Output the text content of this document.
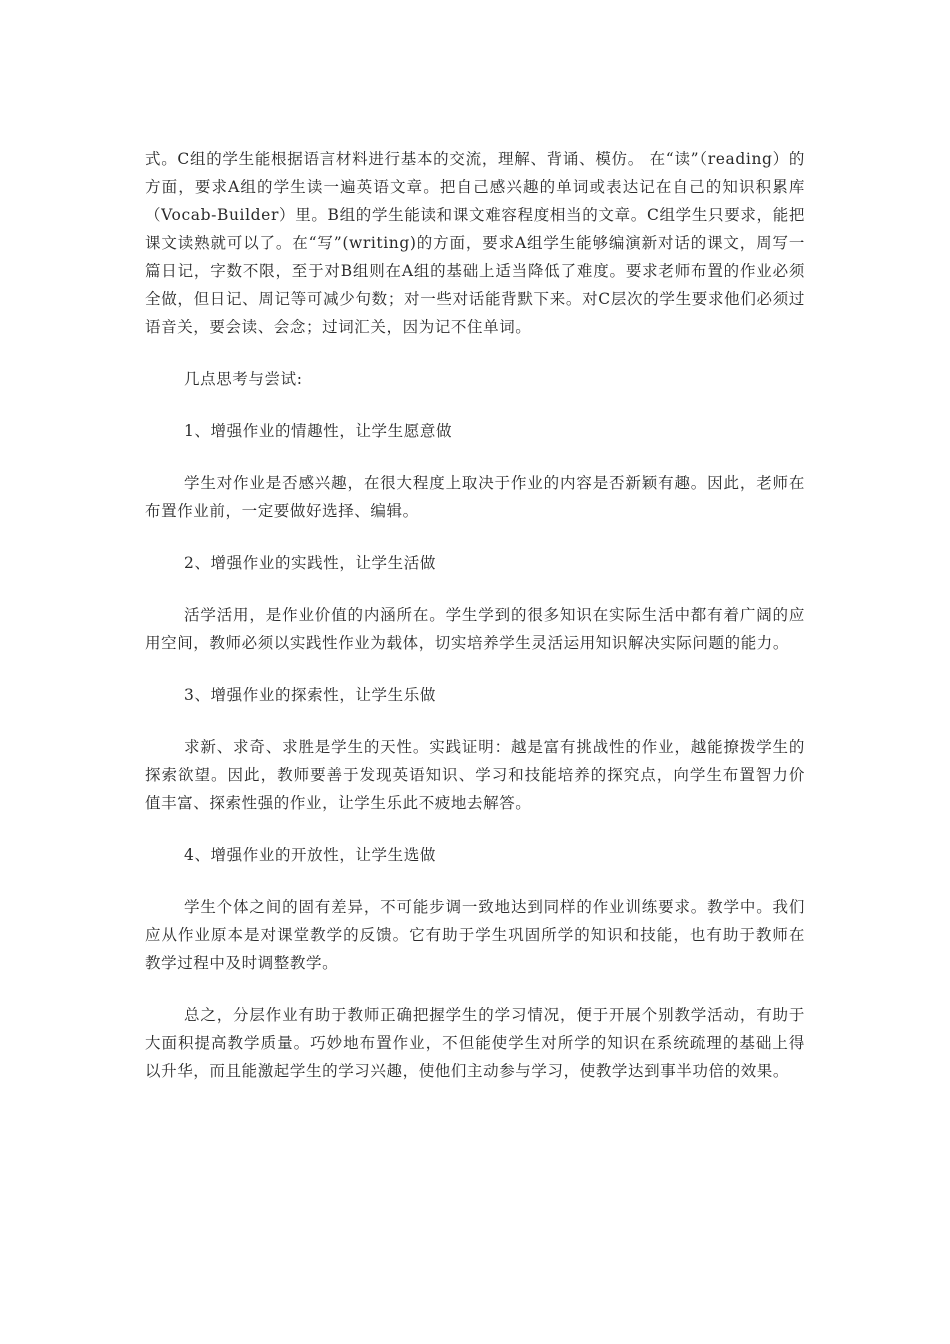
式。C组的学生能根据语言材料进行基本的交流，理解、背诵、模仿。 在“读”（reading）的方面，要求A组的学生读一遍英语文章。把自己感兴趣的单词或表达记在自己的知识积累库（Vocab-Builder）里。B组的学生能读和课文难容程度相当的文章。C组学生只要求，能把课文读熟就可以了。在“写”(writing)的方面，要求A组学生能够编演新对话的课文，周写一篇日记，字数不限，至于对B组则在A组的基础上适当降低了难度。要求老师布置的作业必须全做，但日记、周记等可减少句数；对一些对话能背默下来。对C层次的学生要求他们必须过语音关，要会读、会念；过词汇关，因为记不住单词。

几点思考与尝试:

1、增强作业的情趣性，让学生愿意做

学生对作业是否感兴趣，在很大程度上取决于作业的内容是否新颖有趣。因此，老师在布置作业前，一定要做好选择、编辑。

2、增强作业的实践性，让学生活做

活学活用，是作业价值的内涵所在。学生学到的很多知识在实际生活中都有着广阔的应用空间，教师必须以实践性作业为载体，切实培养学生灵活运用知识解决实际问题的能力。

3、增强作业的探索性，让学生乐做

求新、求奇、求胜是学生的天性。实践证明：越是富有挑战性的作业，越能撩拨学生的探索欲望。因此，教师要善于发现英语知识、学习和技能培养的探究点，向学生布置智力价值丰富、探索性强的作业，让学生乐此不疲地去解答。

4、增强作业的开放性，让学生选做

学生个体之间的固有差异，不可能步调一致地达到同样的作业训练要求。教学中。我们应从作业原本是对课堂教学的反馈。它有助于学生巩固所学的知识和技能，也有助于教师在教学过程中及时调整教学。

总之，分层作业有助于教师正确把握学生的学习情况，便于开展个别教学活动，有助于大面积提高教学质量。巧妙地布置作业，不但能使学生对所学的知识在系统疏理的基础上得以升华，而且能激起学生的学习兴趣，使他们主动参与学习，使教学达到事半功倍的效果。
